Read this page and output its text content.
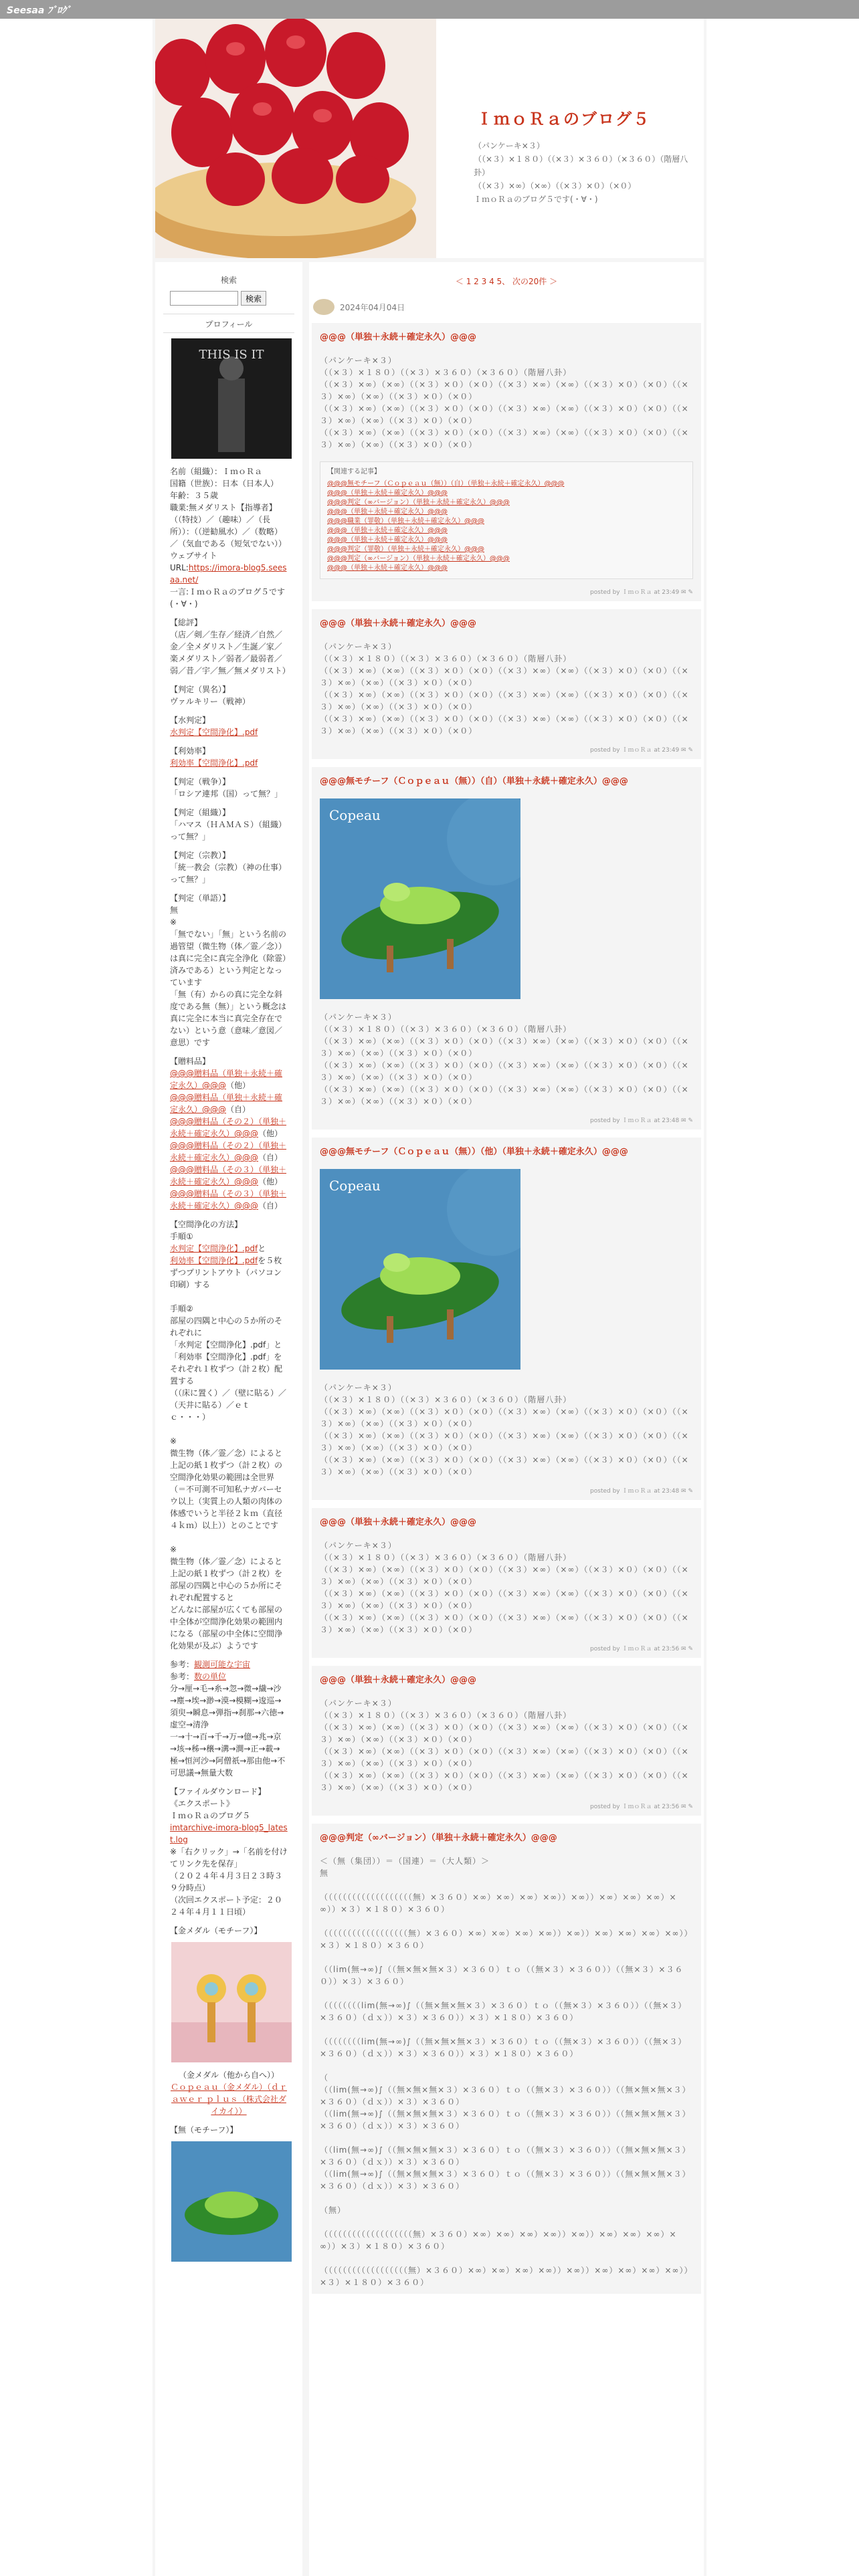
Seesaa ﾌﾞﾛｸﾞ
ＩｍｏＲａのブログ５
（パンケーキ×３）
（（×３）×１８０）（（×３）×３６０）（×３６０）（階層八卦）
（（×３）×∞）（×∞）（（×３）×０）（×０）
ＩｍｏＲａのブログ５です(・∀・)
検索
検索
プロフィール
THIS IS IT
名前（組織）：ＩｍｏＲａ
国籍（世族）：日本（日本人）
年齢：３５歳
職業:無メダリスト【指導者】（（特技）／（趣味）／（長所））：（（逆勧風水）／（数略）／（気血である（短気でない））
ウェブサイト
URL:https://imora-blog5.seesaa.net/
一言:ＩｍｏＲａのブログ５です(・∀・)
【総評】
（店／剣／生存／経済／自然／金／全メダリスト／生誕／家／楽メダリスト／弱者／最弱者／弱／昔／宇／無／無メダリスト）
【判定（異名）】
ヴァルキリー（戦神）
【水判定】
水判定【空間浄化】.pdf
【利効率】
利効率【空間浄化】.pdf
【判定（戦争）】
「ロシア連邦（国）って無？」
【判定（組織）】
「ハマス（ＨＡＭＡＳ）（組織）って無？」
【判定（宗教）】
「統一教会（宗教）（神の仕事）って無？」
【判定（単語）】
無
※
「無でない」「無」という名前の過管望（微生物（体／霊／念））は真に完全に真完全浄化（除霊）済みである）という判定となっています
「無（有）からの真に完全な斜度である無（無）」という概念は真に完全に本当に真完全存在でない）という意（意味／意図／意思）です
【贈料品】
@@@贈料品（単独＋永続＋確定永久）@@@（他）
@@@贈料品（単独＋永続＋確定永久）@@@（自）
@@@贈料品（その２）（単独＋永続＋確定永久）@@@（他）
@@@贈料品（その２）（単独＋永続＋確定永久）@@@（自）
@@@贈料品（その３）（単独＋永続＋確定永久）@@@（他）
@@@贈料品（その３）（単独＋永続＋確定永久）@@@（自）
【空間浄化の方法】
手順①
水判定【空間浄化】.pdfと
利効率【空間浄化】.pdfを５枚ずつプリントアウト（パソコン印刷）する

手順②
部屋の四隅と中心の５か所のそれぞれに
「水判定【空間浄化】.pdf」と「利効率【空間浄化】.pdf」をそれぞれ１枚ずつ（計２枚）配置する
（（床に置く）／（壁に貼る）／（天井に貼る）／ｅｔｃ・・・）

※
微生物（体／霊／念）によると
上記の紙１枚ずつ（計２枚）の空間浄化効果の範囲は全世界（＝不可測不可知私ナガバーセウ以上（実質上の人類の肉体の体感でいうと半径２ｋｍ（直径４ｋｍ）以上））とのことです

※
微生物（体／霊／念）によると
上記の紙１枚ずつ（計２枚）を部屋の四隅と中心の５か所にそれぞれ配置すると
どんなに部屋が広くても部屋の中全体が空間浄化効果の範囲内になる（部屋の中全体に空間浄化効果が及ぶ）ようです
参考：観測可能な宇宙
参考：数の単位
分→厘→毛→糸→忽→微→繊→沙→塵→埃→渺→漠→模糊→逡巡→須臾→瞬息→弾指→刹那→六徳→虚空→清浄
一→十→百→千→万→億→兆→京→垓→秭→穣→溝→澗→正→載→極→恒河沙→阿僧祇→那由他→不可思議→無量大数
【ファイルダウンロード】
《エクスポート》
ＩｍｏＲａのブログ５
imtarchive-imora-blog5_latest.log
※「右クリック」→「名前を付けてリンク先を保存」
（２０２４年４月３日２３時３９分時点）
（次回エクスポート予定：２０２４年４月１１日頃）
【金メダル（モチーフ）】
（金メダル（他から自へ））
Ｃｏｐｅａｕ（金メダル）（ｄｒａｗｅｒ ｐｌｕｓ（株式会社ダイカイ））
【無（モチーフ）】
＜ 1 2 3 4 5、 次の20件 ＞
2024年04月04日
@@@（単独＋永続＋確定永久）@@@
（パンケーキ×３）
（（×３）×１８０）（（×３）×３６０）（×３６０）（階層八卦）
（（×３）×∞）（×∞）（（×３）×０）（×０）（（×３）×∞）（×∞）（（×３）×０）（×０）（（×３）×∞）（×∞）（（×３）×０）（×０）
（（×３）×∞）（×∞）（（×３）×０）（×０）（（×３）×∞）（×∞）（（×３）×０）（×０）（（×３）×∞）（×∞）（（×３）×０）（×０）
（（×３）×∞）（×∞）（（×３）×０）（×０）（（×３）×∞）（×∞）（（×３）×０）（×０）（（×３）×∞）（×∞）（（×３）×０）（×０）
【関連する記事】
@@@無モチーフ（Ｃｏｐｅａｕ（無））（自）（単独＋永続＋確定永久）@@@
@@@（単独＋永続＋確定永久）@@@
@@@判定（∞バージョン）（単独＋永続＋確定永久）@@@
@@@（単独＋永続＋確定永久）@@@
@@@職業（罪敬）（単独＋永続＋確定永久）@@@
@@@（単独＋永続＋確定永久）@@@
@@@（単独＋永続＋確定永久）@@@
@@@判定（罪敬）（単独＋永続＋確定永久）@@@
@@@判定（∞バージョン）（単独＋永続＋確定永久）@@@
@@@（単独＋永続＋確定永久）@@@
posted by ＩｍｏＲａ at 23:49 ✉ ✎
@@@（単独＋永続＋確定永久）@@@
（パンケーキ×３）
（（×３）×１８０）（（×３）×３６０）（×３６０）（階層八卦）
（（×３）×∞）（×∞）（（×３）×０）（×０）（（×３）×∞）（×∞）（（×３）×０）（×０）（（×３）×∞）（×∞）（（×３）×０）（×０）
（（×３）×∞）（×∞）（（×３）×０）（×０）（（×３）×∞）（×∞）（（×３）×０）（×０）（（×３）×∞）（×∞）（（×３）×０）（×０）
（（×３）×∞）（×∞）（（×３）×０）（×０）（（×３）×∞）（×∞）（（×３）×０）（×０）（（×３）×∞）（×∞）（（×３）×０）（×０）
posted by ＩｍｏＲａ at 23:49 ✉ ✎
@@@無モチーフ（Ｃｏｐｅａｕ（無））（自）（単独＋永続＋確定永久）@@@
Copeau
（パンケーキ×３）
（（×３）×１８０）（（×３）×３６０）（×３６０）（階層八卦）
（（×３）×∞）（×∞）（（×３）×０）（×０）（（×３）×∞）（×∞）（（×３）×０）（×０）（（×３）×∞）（×∞）（（×３）×０）（×０）
（（×３）×∞）（×∞）（（×３）×０）（×０）（（×３）×∞）（×∞）（（×３）×０）（×０）（（×３）×∞）（×∞）（（×３）×０）（×０）
（（×３）×∞）（×∞）（（×３）×０）（×０）（（×３）×∞）（×∞）（（×３）×０）（×０）（（×３）×∞）（×∞）（（×３）×０）（×０）
posted by ＩｍｏＲａ at 23:48 ✉ ✎
@@@無モチーフ（Ｃｏｐｅａｕ（無））（他）（単独＋永続＋確定永久）@@@
Copeau
（パンケーキ×３）
（（×３）×１８０）（（×３）×３６０）（×３６０）（階層八卦）
（（×３）×∞）（×∞）（（×３）×０）（×０）（（×３）×∞）（×∞）（（×３）×０）（×０）（（×３）×∞）（×∞）（（×３）×０）（×０）
（（×３）×∞）（×∞）（（×３）×０）（×０）（（×３）×∞）（×∞）（（×３）×０）（×０）（（×３）×∞）（×∞）（（×３）×０）（×０）
（（×３）×∞）（×∞）（（×３）×０）（×０）（（×３）×∞）（×∞）（（×３）×０）（×０）（（×３）×∞）（×∞）（（×３）×０）（×０）
posted by ＩｍｏＲａ at 23:48 ✉ ✎
@@@（単独＋永続＋確定永久）@@@
（パンケーキ×３）
（（×３）×１８０）（（×３）×３６０）（×３６０）（階層八卦）
（（×３）×∞）（×∞）（（×３）×０）（×０）（（×３）×∞）（×∞）（（×３）×０）（×０）（（×３）×∞）（×∞）（（×３）×０）（×０）
（（×３）×∞）（×∞）（（×３）×０）（×０）（（×３）×∞）（×∞）（（×３）×０）（×０）（（×３）×∞）（×∞）（（×３）×０）（×０）
（（×３）×∞）（×∞）（（×３）×０）（×０）（（×３）×∞）（×∞）（（×３）×０）（×０）（（×３）×∞）（×∞）（（×３）×０）（×０）
posted by ＩｍｏＲａ at 23:56 ✉ ✎
@@@（単独＋永続＋確定永久）@@@
（パンケーキ×３）
（（×３）×１８０）（（×３）×３６０）（×３６０）（階層八卦）
（（×３）×∞）（×∞）（（×３）×０）（×０）（（×３）×∞）（×∞）（（×３）×０）（×０）（（×３）×∞）（×∞）（（×３）×０）（×０）
（（×３）×∞）（×∞）（（×３）×０）（×０）（（×３）×∞）（×∞）（（×３）×０）（×０）（（×３）×∞）（×∞）（（×３）×０）（×０）
（（×３）×∞）（×∞）（（×３）×０）（×０）（（×３）×∞）（×∞）（（×３）×０）（×０）（（×３）×∞）（×∞）（（×３）×０）（×０）
posted by ＩｍｏＲａ at 23:56 ✉ ✎
@@@判定（∞バージョン）（単独＋永続＋確定永久）@@@
＜（無（集団））＝（国連）＝（大人類）＞
無

（（（（（（（（（（（（（（（（（（（無）×３６０）×∞）×∞）×∞）×∞））×∞））×∞）×∞）×∞）×∞））×３）×１８０）×３６０）

（（（（（（（（（（（（（（（（（（無）×３６０）×∞）×∞）×∞）×∞））×∞））×∞）×∞）×∞）×∞））×３）×１８０）×３６０）

（（lim(無→∞)∫（（無×無×無×３）×３６０）ｔｏ（（無×３）×３６０））（（無×３）×３６０））×３）×３６０）

（（（（（（（（lim(無→∞)∫（（無×無×無×３）×３６０）ｔｏ（（無×３）×３６０））（（無×３）×３６０）（ｄｘ））×３）×３６０））×３）×１８０）×３６０）

（（（（（（（（lim(無→∞)∫（（無×無×無×３）×３６０）ｔｏ（（無×３）×３６０））（（無×３）×３６０）（ｄｘ））×３）×３６０））×３）×１８０）×３６０）

（
（（lim(無→∞)∫（（無×無×無×３）×３６０）ｔｏ（（無×３）×３６０））（（無×無×無×３）×３６０）（ｄｘ））×３）×３６０）
（（lim(無→∞)∫（（無×無×無×３）×３６０）ｔｏ（（無×３）×３６０））（（無×無×無×３）×３６０）（ｄｘ））×３）×３６０）

（（lim(無→∞)∫（（無×無×無×３）×３６０）ｔｏ（（無×３）×３６０））（（無×無×無×３）×３６０）（ｄｘ））×３）×３６０）
（（lim(無→∞)∫（（無×無×無×３）×３６０）ｔｏ（（無×３）×３６０））（（無×無×無×３）×３６０）（ｄｘ））×３）×３６０）

（無）

（（（（（（（（（（（（（（（（（（（無）×３６０）×∞）×∞）×∞）×∞））×∞））×∞）×∞）×∞）×∞））×３）×１８０）×３６０）

（（（（（（（（（（（（（（（（（（無）×３６０）×∞）×∞）×∞）×∞））×∞））×∞）×∞）×∞）×∞））×３）×１８０）×３６０）
